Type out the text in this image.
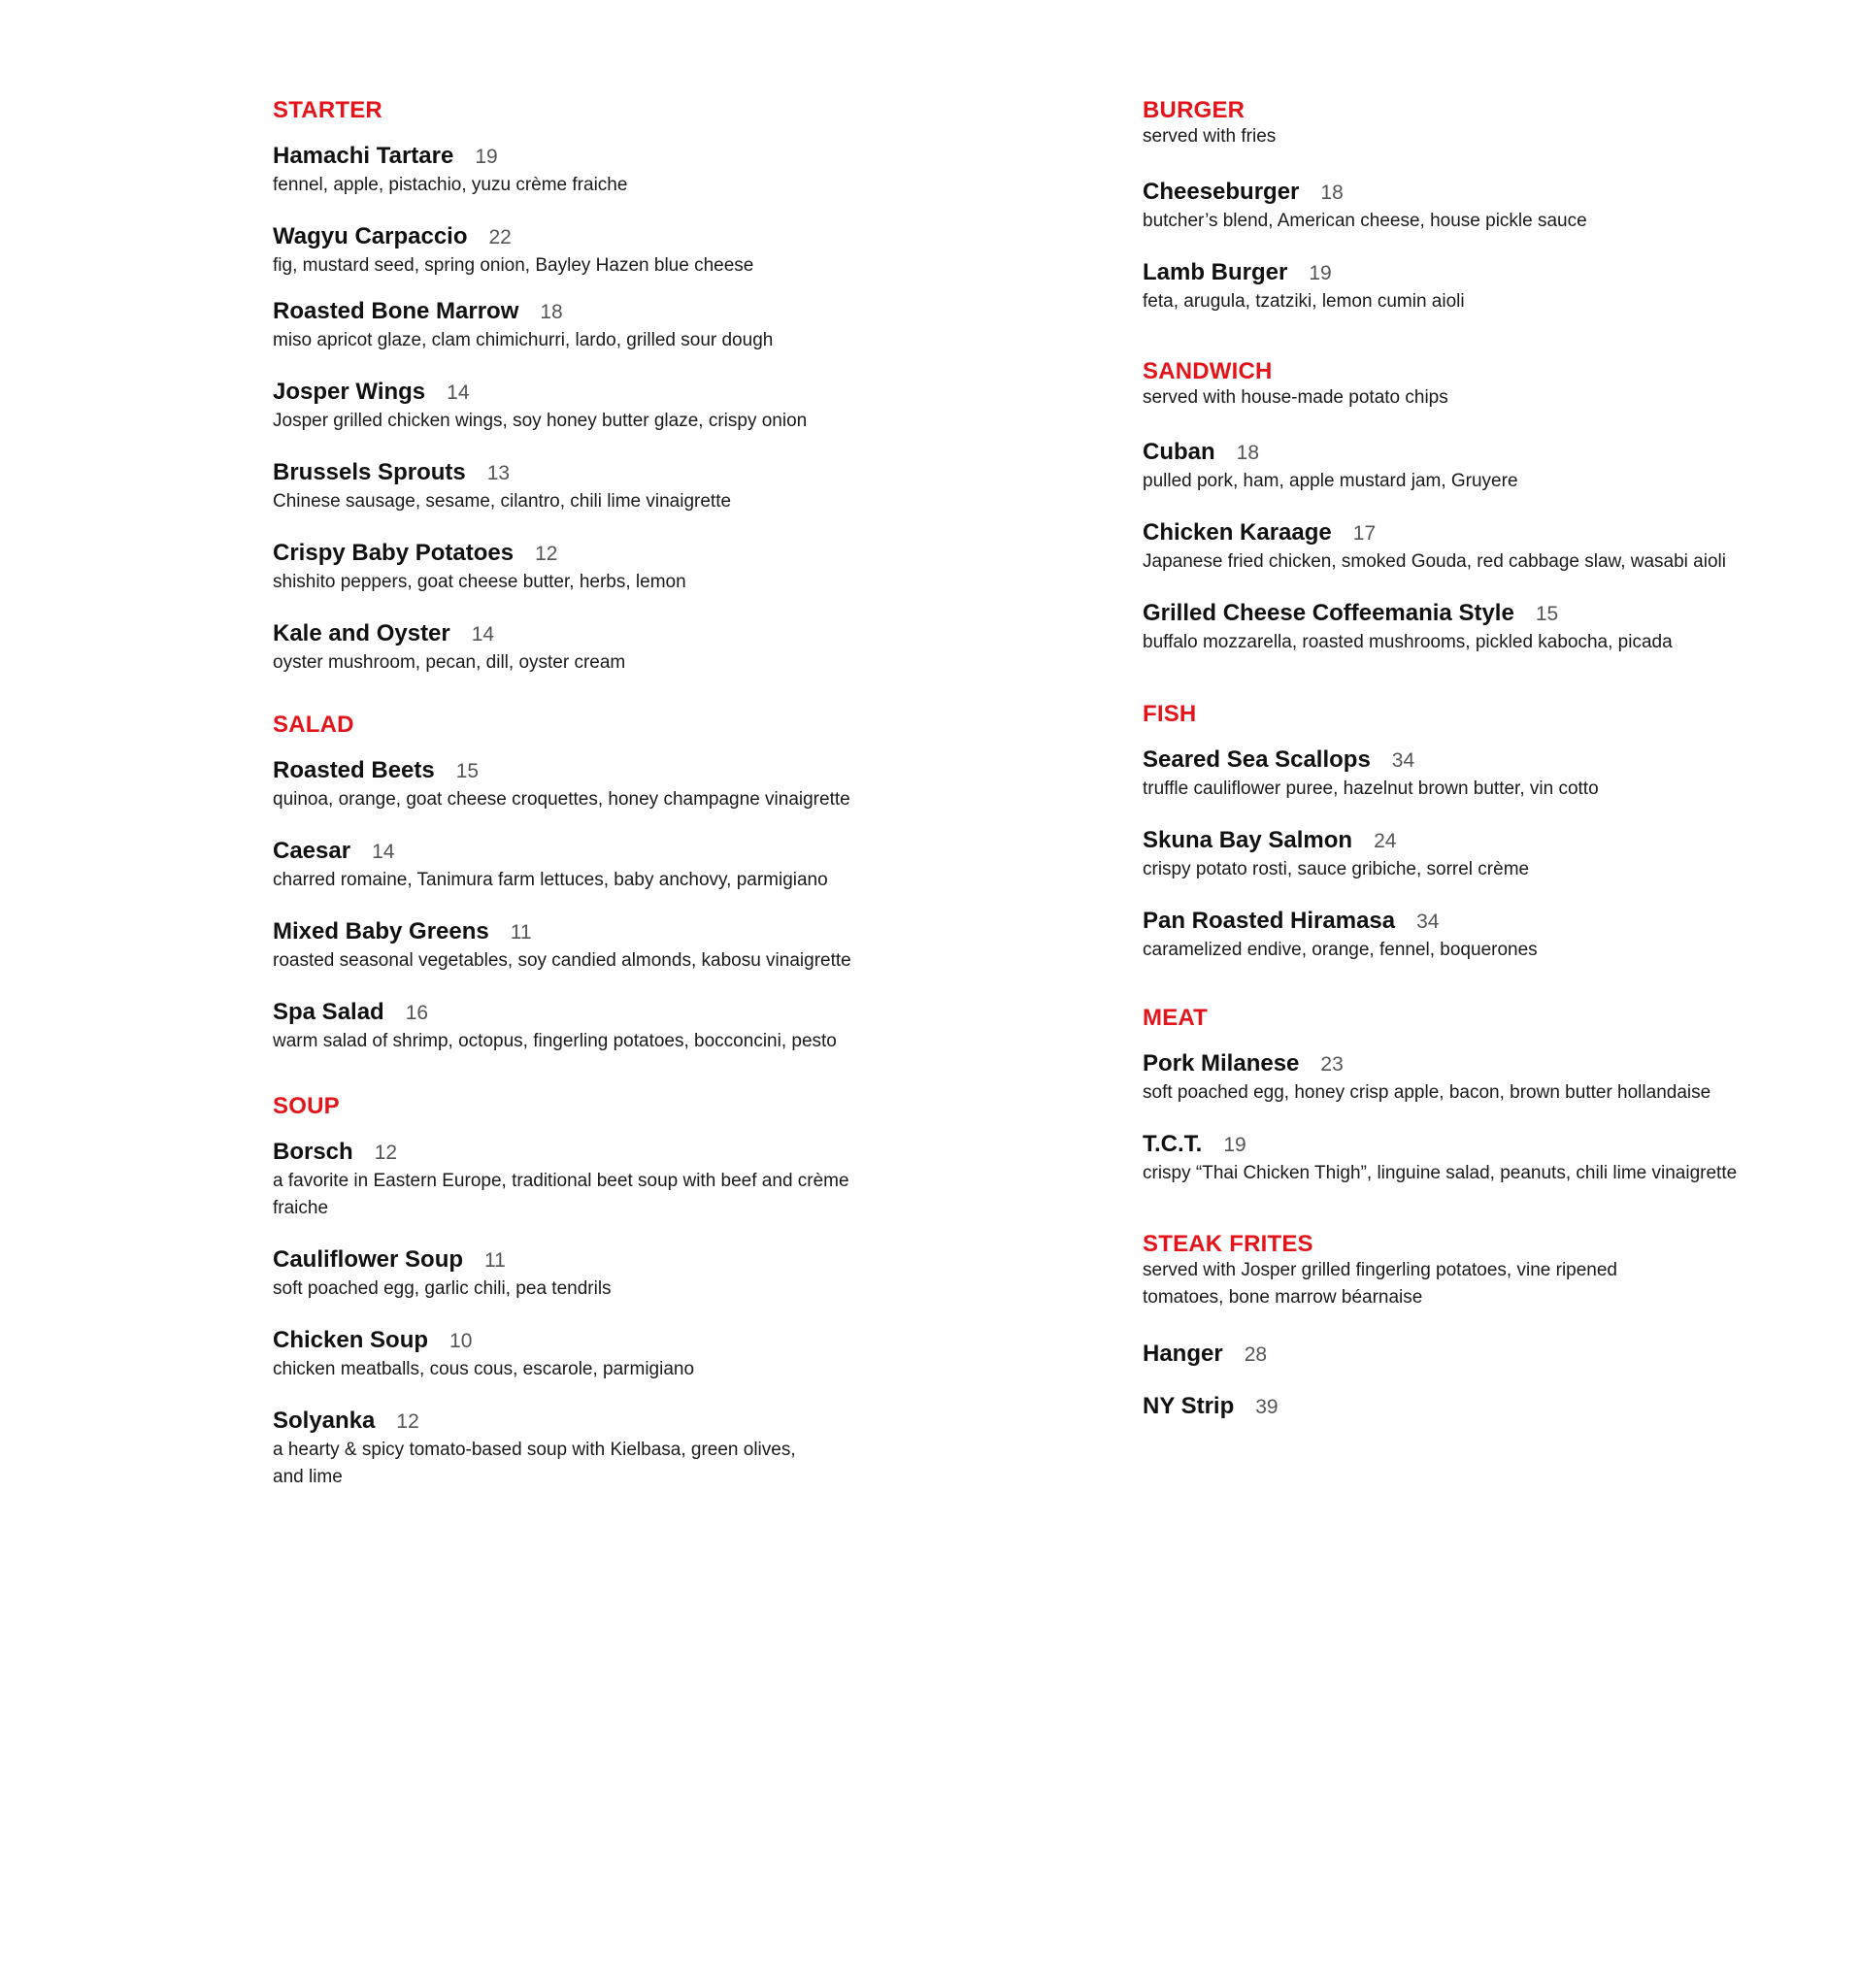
STARTER
Hamachi Tartare 19
fennel, apple, pistachio, yuzu crème fraiche
Wagyu Carpaccio 22
fig, mustard seed, spring onion, Bayley Hazen blue cheese
Roasted Bone Marrow 18
miso apricot glaze, clam chimichurri, lardo, grilled sour dough
Josper Wings 14
Josper grilled chicken wings, soy honey butter glaze, crispy onion
Brussels Sprouts 13
Chinese sausage, sesame, cilantro, chili lime vinaigrette
Crispy Baby Potatoes 12
shishito peppers, goat cheese butter, herbs, lemon
Kale and Oyster 14
oyster mushroom, pecan, dill, oyster cream
SALAD
Roasted Beets 15
quinoa, orange, goat cheese croquettes, honey champagne vinaigrette
Caesar 14
charred romaine, Tanimura farm lettuces, baby anchovy, parmigiano
Mixed Baby Greens 11
roasted seasonal vegetables, soy candied almonds, kabosu vinaigrette
Spa Salad 16
warm salad of shrimp, octopus, fingerling potatoes, bocconcini, pesto
SOUP
Borsch 12
a favorite in Eastern Europe, traditional beet soup with beef and crème fraiche
Cauliflower Soup 11
soft poached egg, garlic chili, pea tendrils
Chicken Soup 10
chicken meatballs, cous cous, escarole, parmigiano
Solyanka 12
a hearty & spicy tomato-based soup with Kielbasa, green olives, and lime
BURGER
served with fries
Cheeseburger 18
butcher’s blend, American cheese, house pickle sauce
Lamb Burger 19
feta, arugula, tzatziki, lemon cumin aioli
SANDWICH
served with house-made potato chips
Cuban 18
pulled pork, ham, apple mustard jam, Gruyere
Chicken Karaage 17
Japanese fried chicken, smoked Gouda, red cabbage slaw, wasabi aioli
Grilled Cheese Coffeemania Style 15
buffalo mozzarella, roasted mushrooms, pickled kabocha, picada
FISH
Seared Sea Scallops 34
truffle cauliflower puree, hazelnut brown butter, vin cotto
Skuna Bay Salmon 24
crispy potato rosti, sauce gribiche, sorrel crème
Pan Roasted Hiramasa 34
caramelized endive, orange, fennel, boquerones
MEAT
Pork Milanese 23
soft poached egg, honey crisp apple, bacon, brown butter hollandaise
T.C.T. 19
crispy “Thai Chicken Thigh”, linguine salad, peanuts, chili lime vinaigrette
STEAK FRITES
served with Josper grilled fingerling potatoes, vine ripened tomatoes, bone marrow béarnaise
Hanger 28
NY Strip 39
